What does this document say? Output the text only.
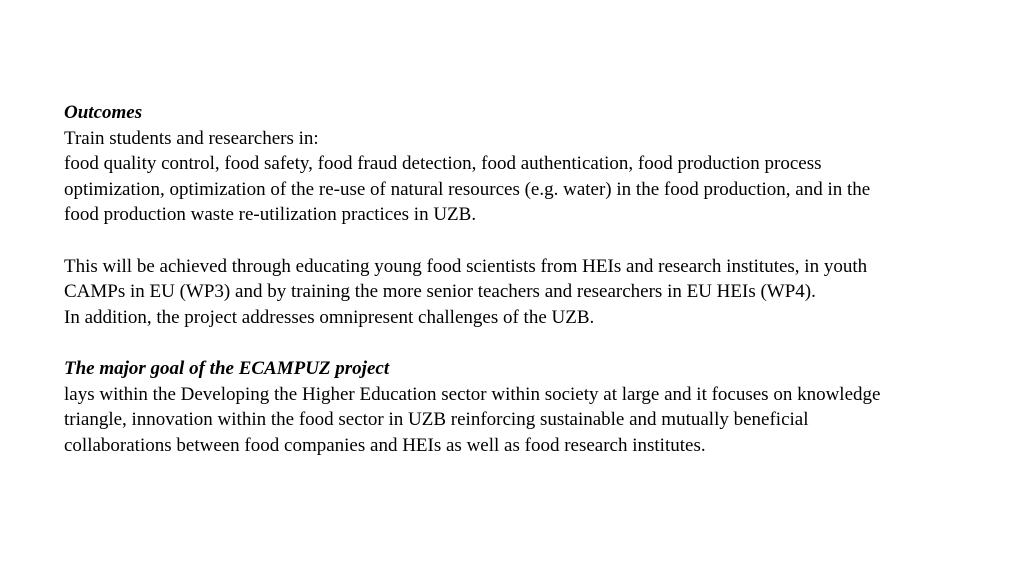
Outcomes
Train students and researchers in:
food quality control, food safety, food fraud detection, food authentication, food production process
optimization, optimization of the re-use of natural resources (e.g. water) in the food production, and in the
food production waste re-utilization practices in UZB.
This will be achieved through educating young food scientists from HEIs and research institutes, in youth
CAMPs in EU (WP3) and by training the more senior teachers and researchers in EU HEIs (WP4).
In addition, the project addresses omnipresent challenges of the UZB.
The major goal of the ECAMPUZ project
lays within the Developing the Higher Education sector within society at large and it focuses on knowledge
triangle, innovation within the food sector in UZB reinforcing sustainable and mutually beneficial
collaborations between food companies and HEIs as well as food research institutes.
